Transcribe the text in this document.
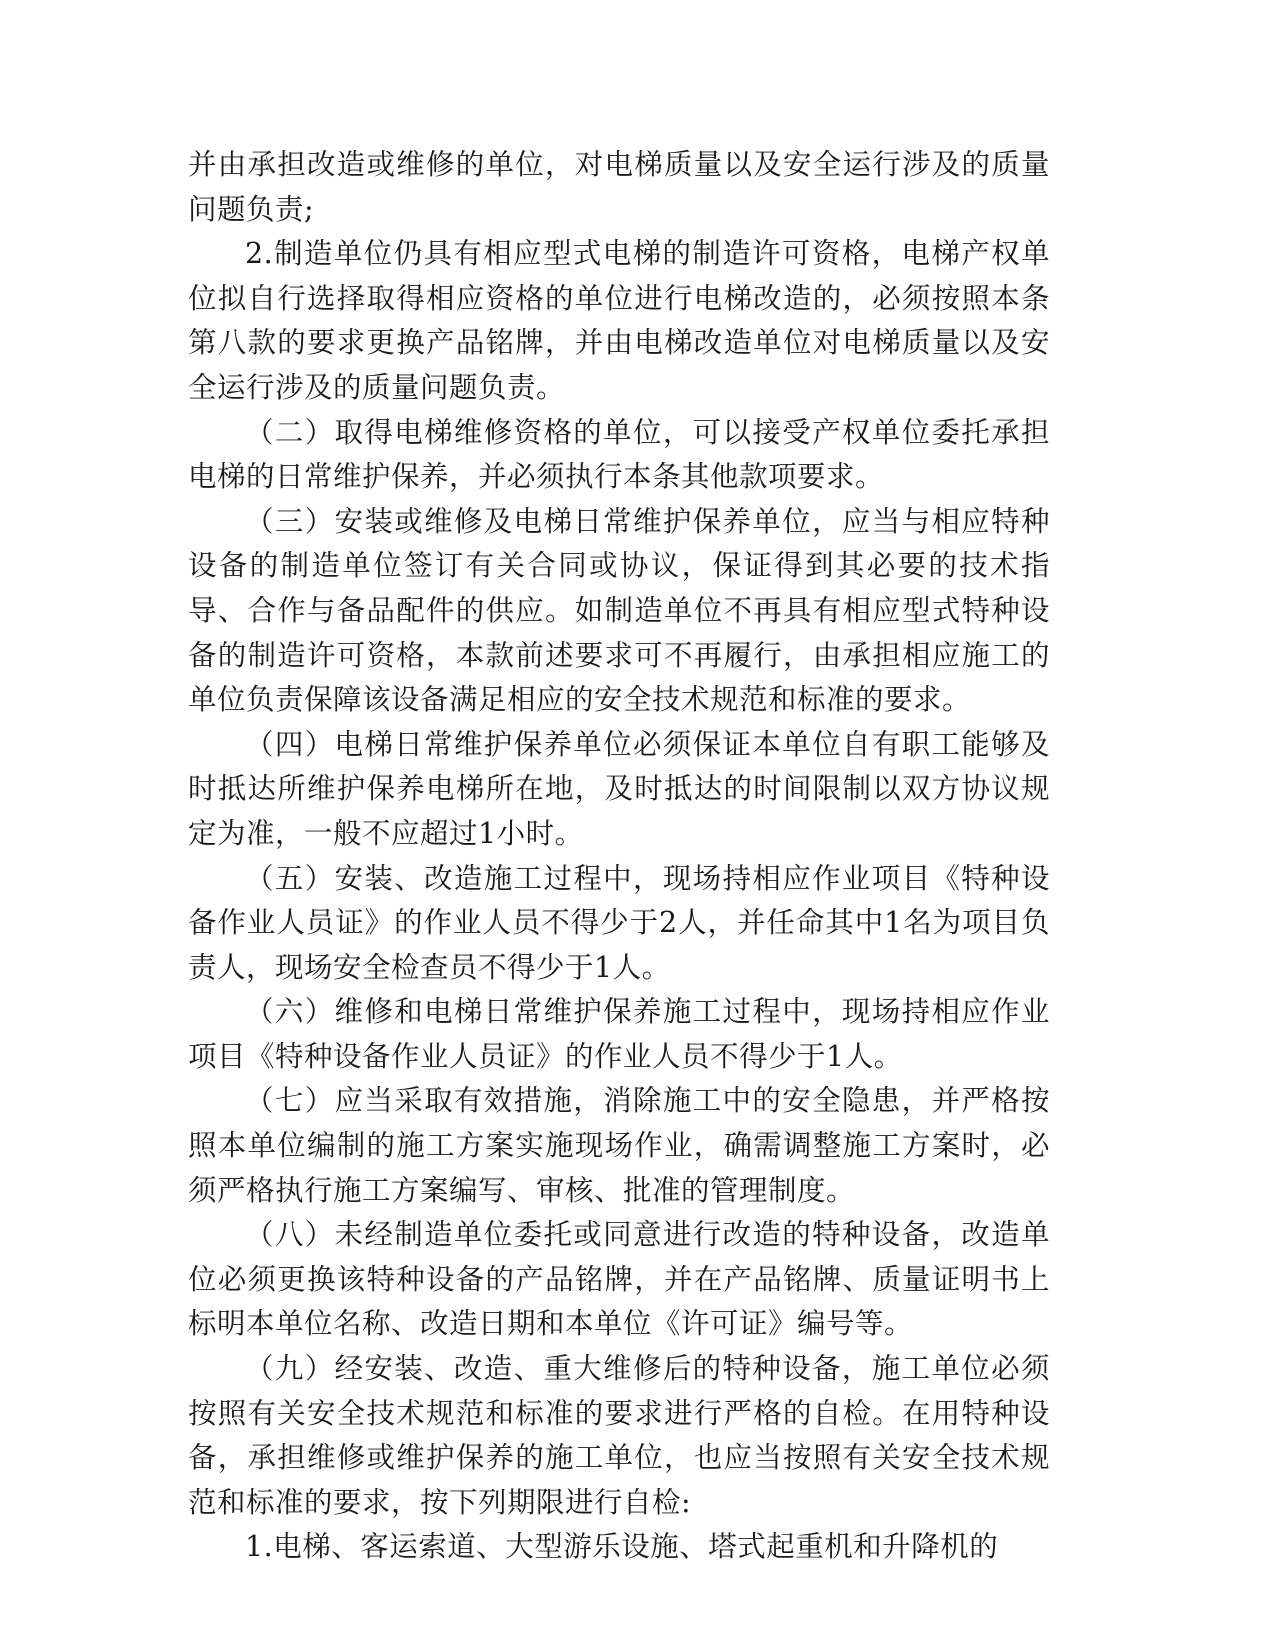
并由承担改造或维修的单位，对电梯质量以及安全运行涉及的质量问题负责;

2.制造单位仍具有相应型式电梯的制造许可资格，电梯产权单位拟自行选择取得相应资格的单位进行电梯改造的，必须按照本条第八款的要求更换产品铭牌，并由电梯改造单位对电梯质量以及安全运行涉及的质量问题负责。

（二）取得电梯维修资格的单位，可以接受产权单位委托承担电梯的日常维护保养，并必须执行本条其他款项要求。

（三）安装或维修及电梯日常维护保养单位，应当与相应特种设备的制造单位签订有关合同或协议，保证得到其必要的技术指导、合作与备品配件的供应。如制造单位不再具有相应型式特种设备的制造许可资格，本款前述要求可不再履行，由承担相应施工的单位负责保障该设备满足相应的安全技术规范和标准的要求。

（四）电梯日常维护保养单位必须保证本单位自有职工能够及时抵达所维护保养电梯所在地，及时抵达的时间限制以双方协议规定为准，一般不应超过1小时。

（五）安装、改造施工过程中，现场持相应作业项目《特种设备作业人员证》的作业人员不得少于2人，并任命其中1名为项目负责人，现场安全检查员不得少于1人。

（六）维修和电梯日常维护保养施工过程中，现场持相应作业项目《特种设备作业人员证》的作业人员不得少于1人。

（七）应当采取有效措施，消除施工中的安全隐患，并严格按照本单位编制的施工方案实施现场作业，确需调整施工方案时，必须严格执行施工方案编写、审核、批准的管理制度。

（八）未经制造单位委托或同意进行改造的特种设备，改造单位必须更换该特种设备的产品铭牌，并在产品铭牌、质量证明书上标明本单位名称、改造日期和本单位《许可证》编号等。

（九）经安装、改造、重大维修后的特种设备，施工单位必须按照有关安全技术规范和标准的要求进行严格的自检。在用特种设备，承担维修或维护保养的施工单位，也应当按照有关安全技术规范和标准的要求，按下列期限进行自检:

1.电梯、客运索道、大型游乐设施、塔式起重机和升降机的
